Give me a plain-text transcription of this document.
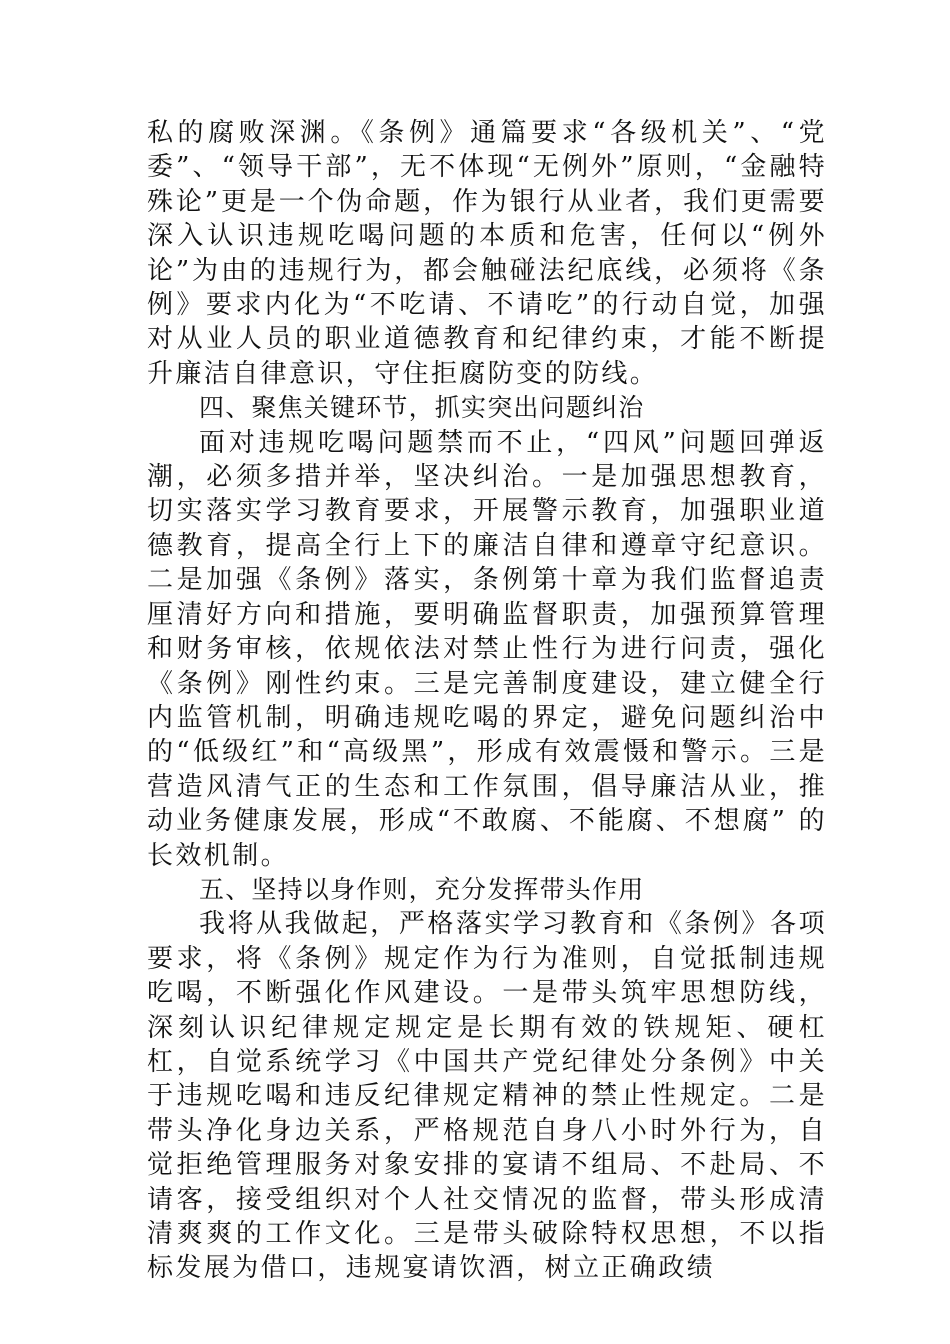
私的腐败深渊。《条例》通篇要求“各级机关”、“党委”、“领导干部”，无不体现“无例外”原则，“金融特殊论”更是一个伪命题，作为银行从业者，我们更需要深入认识违规吃喝问题的本质和危害，任何以“例外论”为由的违规行为，都会触碰法纪底线，必须将《条例》要求内化为“不吃请、不请吃”的行动自觉，加强对从业人员的职业道德教育和纪律约束，才能不断提升廉洁自律意识，守住拒腐防变的防线。

四、聚焦关键环节，抓实突出问题纠治

面对违规吃喝问题禁而不止，“四风”问题回弹返潮，必须多措并举，坚决纠治。一是加强思想教育，切实落实学习教育要求，开展警示教育，加强职业道德教育，提高全行上下的廉洁自律和遵章守纪意识。二是加强《条例》落实，条例第十章为我们监督追责厘清好方向和措施，要明确监督职责，加强预算管理和财务审核，依规依法对禁止性行为进行问责，强化《条例》刚性约束。三是完善制度建设，建立健全行内监管机制，明确违规吃喝的界定，避免问题纠治中的“低级红”和“高级黑”，形成有效震慑和警示。三是营造风清气正的生态和工作氛围，倡导廉洁从业，推动业务健康发展，形成“不敢腐、不能腐、不想腐” 的长效机制。

五、坚持以身作则，充分发挥带头作用

我将从我做起，严格落实学习教育和《条例》各项要求，将《条例》规定作为行为准则，自觉抵制违规吃喝，不断强化作风建设。一是带头筑牢思想防线，深刻认识纪律规定规定是长期有效的铁规矩、硬杠杠，自觉系统学习《中国共产党纪律处分条例》中关于违规吃喝和违反纪律规定精神的禁止性规定。二是带头净化身边关系，严格规范自身八小时外行为，自觉拒绝管理服务对象安排的宴请不组局、不赴局、不请客，接受组织对个人社交情况的监督，带头形成清清爽爽的工作文化。三是带头破除特权思想，不以指标发展为借口，违规宴请饮酒，树立正确政绩
